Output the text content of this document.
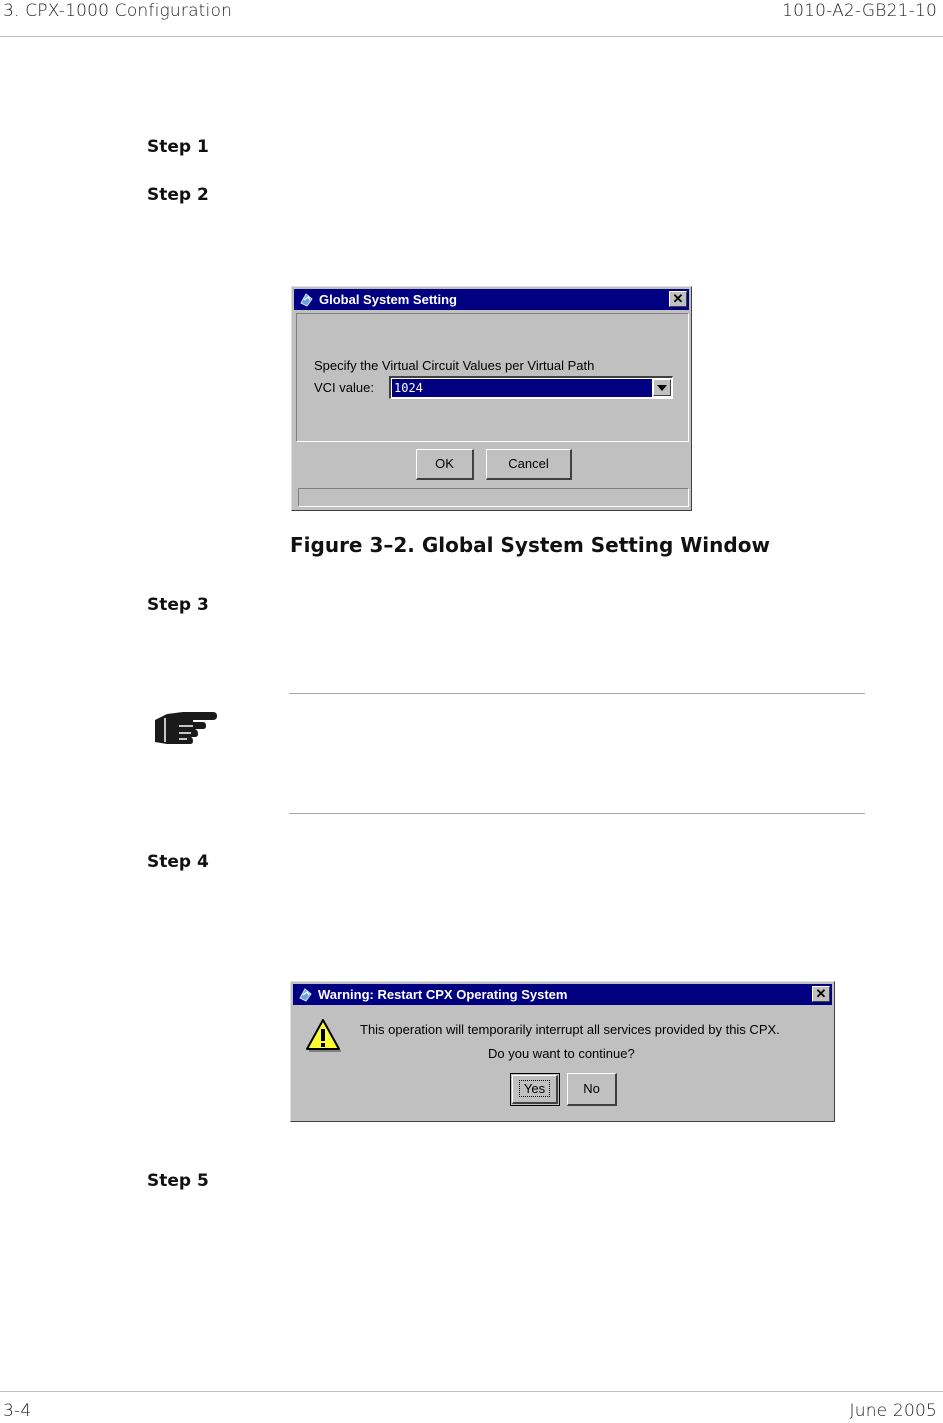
3. CPX-1000 Configuration	1010-A2-GB21-10
Step 1
Step 2
Global System Setting	✕
Specify the Virtual Circuit Values per Virtual Path
VCI value: 1024
OK	Cancel
Figure 3–2. Global System Setting Window
Step 3
Step 4
Warning: Restart CPX Operating System	✕
This operation will temporarily interrupt all services provided by this CPX.
Do you want to continue?
Yes	No
Step 5
3-4	June 2005
